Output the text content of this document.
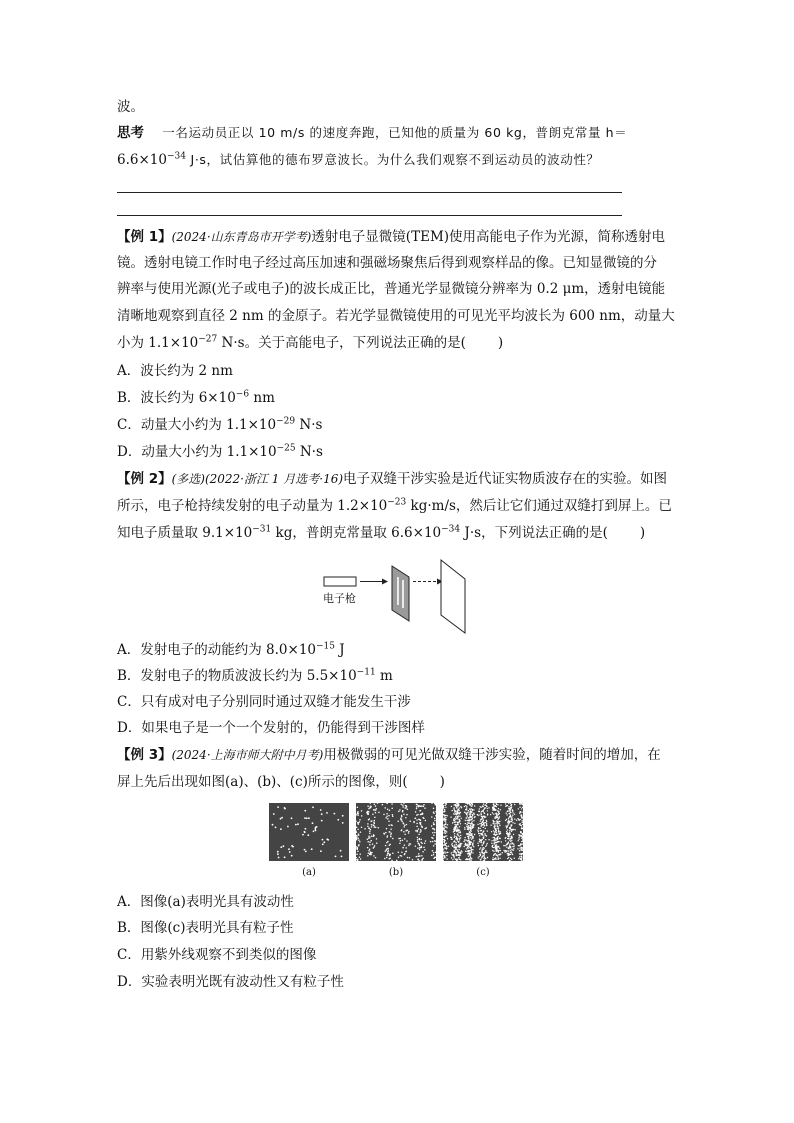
波。
思考 一名运动员正以 10 m/s 的速度奔跑，已知他的质量为 60 kg，普朗克常量 h＝
$6.6\times 10^{-34}$ J·s，试估算他的德布罗意波长。为什么我们观察不到运动员的波动性？
【例 1】(2024·山东青岛市开学考)透射电子显微镜(TEM)使用高能电子作为光源，简称透射电
镜。透射电镜工作时电子经过高压加速和强磁场聚焦后得到观察样品的像。已知显微镜的分
辨率与使用光源(光子或电子)的波长成正比，普通光学显微镜分辨率为 0.2 μm，透射电镜能
清晰地观察到直径 2 nm 的金原子。若光学显微镜使用的可见光平均波长为 600 nm，动量大
小为 $1.1\times 10^{-27}$ N·s。关于高能电子，下列说法正确的是( )
A．波长约为 2 nm
B．波长约为 $6\times 10^{-6}$ nm
C．动量大小约为 $1.1\times 10^{-29}$ N·s
D．动量大小约为 $1.1\times 10^{-25}$ N·s
【例 2】(多选)(2022·浙江 1 月选考·16)电子双缝干涉实验是近代证实物质波存在的实验。如图
所示，电子枪持续发射的电子动量为 $1.2\times 10^{-23}$ kg·m/s，然后让它们通过双缝打到屏上。已
知电子质量取 $9.1\times 10^{-31}$ kg，普朗克常量取 $6.6\times 10^{-34}$ J·s，下列说法正确的是( )
电子枪
A．发射电子的动能约为 $8.0\times 10^{-15}$ J
B．发射电子的物质波波长约为 $5.5\times 10^{-11}$ m
C．只有成对电子分别同时通过双缝才能发生干涉
D．如果电子是一个一个发射的，仍能得到干涉图样
【例 3】(2024·上海市师大附中月考)用极微弱的可见光做双缝干涉实验，随着时间的增加，在
屏上先后出现如图(a)、(b)、(c)所示的图像，则( )
(a)	(b)	(c)
A．图像(a)表明光具有波动性
B．图像(c)表明光具有粒子性
C．用紫外线观察不到类似的图像
D．实验表明光既有波动性又有粒子性
